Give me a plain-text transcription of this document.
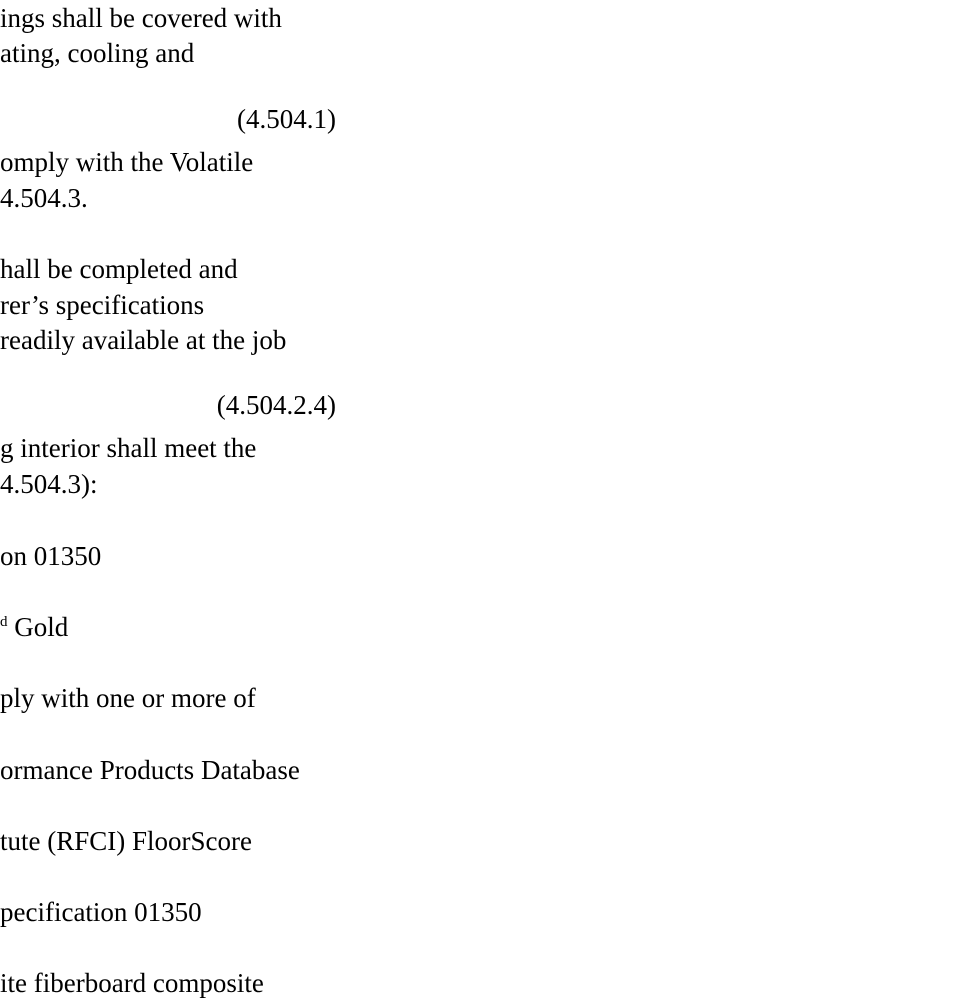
ings shall be covered with

ating, cooling and

(4.504.1)

omply with the Volatile

4.504.3.

hall be completed and

rer’s specifications

readily available at the job

(4.504.2.4)

g interior shall meet the

4.504.3):

on 01350

$^d$ Gold

ply with one or more of

ormance Products Database

tute (RFCI) FloorScore

pecification 01350

ite fiberboard composite
